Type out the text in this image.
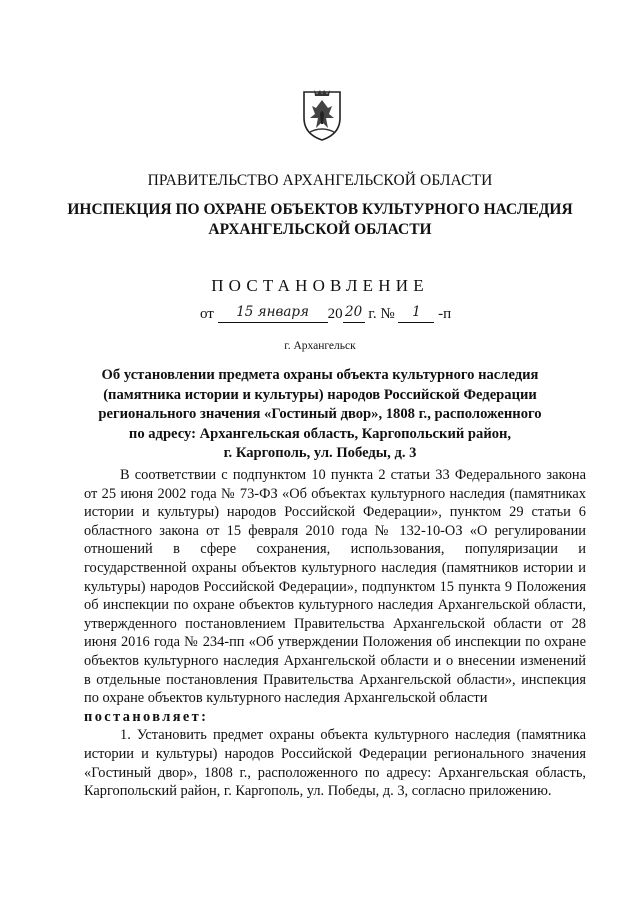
ПРАВИТЕЛЬСТВО АРХАНГЕЛЬСКОЙ ОБЛАСТИ
ИНСПЕКЦИЯ ПО ОХРАНЕ ОБЪЕКТОВ КУЛЬТУРНОГО НАСЛЕДИЯ
АРХАНГЕЛЬСКОЙ ОБЛАСТИ
ПОСТАНОВЛЕНИЕ
от 15 января 20 20 г. № 1 -п
г. Архангельск
Об установлении предмета охраны объекта культурного наследия
(памятника истории и культуры) народов Российской Федерации
регионального значения «Гостиный двор», 1808 г., расположенного
по адресу: Архангельская область, Каргопольский район,
г. Каргополь, ул. Победы, д. 3

В соответствии с подпунктом 10 пункта 2 статьи 33 Федерального закона от 25 июня 2002 года № 73-ФЗ «Об объектах культурного наследия (памятниках истории и культуры) народов Российской Федерации», пунктом 29 статьи 6 областного закона от 15 февраля 2010 года № 132-10-ОЗ «О регулировании отношений в сфере сохранения, использования, популяризации и государственной охраны объектов культурного наследия (памятников истории и культуры) народов Российской Федерации», подпунктом 15 пункта 9 Положения об инспекции по охране объектов культурного наследия Архангельской области, утвержденного постановлением Правительства Архангельской области от 28 июня 2016 года № 234-пп «Об утверждении Положения об инспекции по охране объектов культурного наследия Архангельской области и о внесении изменений в отдельные постановления Правительства Архангельской области», инспекция по охране объектов культурного наследия Архангельской области

постановляет:

1. Установить предмет охраны объекта культурного наследия (памятника истории и культуры) народов Российской Федерации регионального значения «Гостиный двор», 1808 г., расположенного по адресу: Архангельская область, Каргопольский район, г. Каргополь, ул. Победы, д. 3, согласно приложению.
